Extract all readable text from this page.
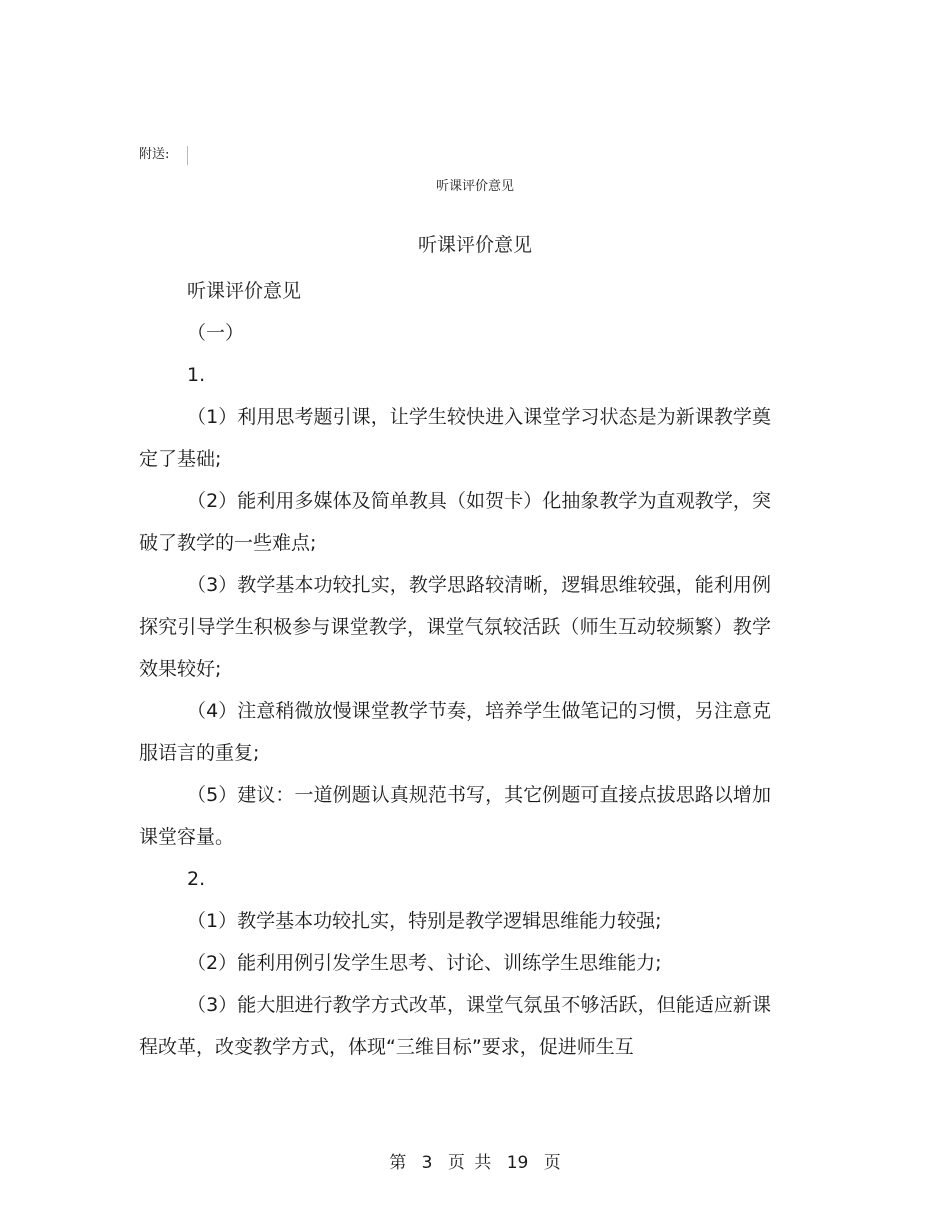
附送:
听课评价意见
听课评价意见

听课评价意见

（一）

1.

（1）利用思考题引课，让学生较快进入课堂学习状态是为新课教学奠定了基础;

（2）能利用多媒体及简单教具（如贺卡）化抽象教学为直观教学，突破了教学的一些难点;

（3）教学基本功较扎实，教学思路较清晰，逻辑思维较强，能利用例探究引导学生积极参与课堂教学，课堂气氛较活跃（师生互动较频繁）教学效果较好;

（4）注意稍微放慢课堂教学节奏，培养学生做笔记的习惯，另注意克服语言的重复;

（5）建议：一道例题认真规范书写，其它例题可直接点拔思路以增加课堂容量。

2.

（1）教学基本功较扎实，特别是教学逻辑思维能力较强;

（2）能利用例引发学生思考、讨论、训练学生思维能力;

（3）能大胆进行教学方式改革，课堂气氛虽不够活跃，但能适应新课程改革，改变教学方式，体现“三维目标”要求，促进师生互

第 3 页 共 19 页
